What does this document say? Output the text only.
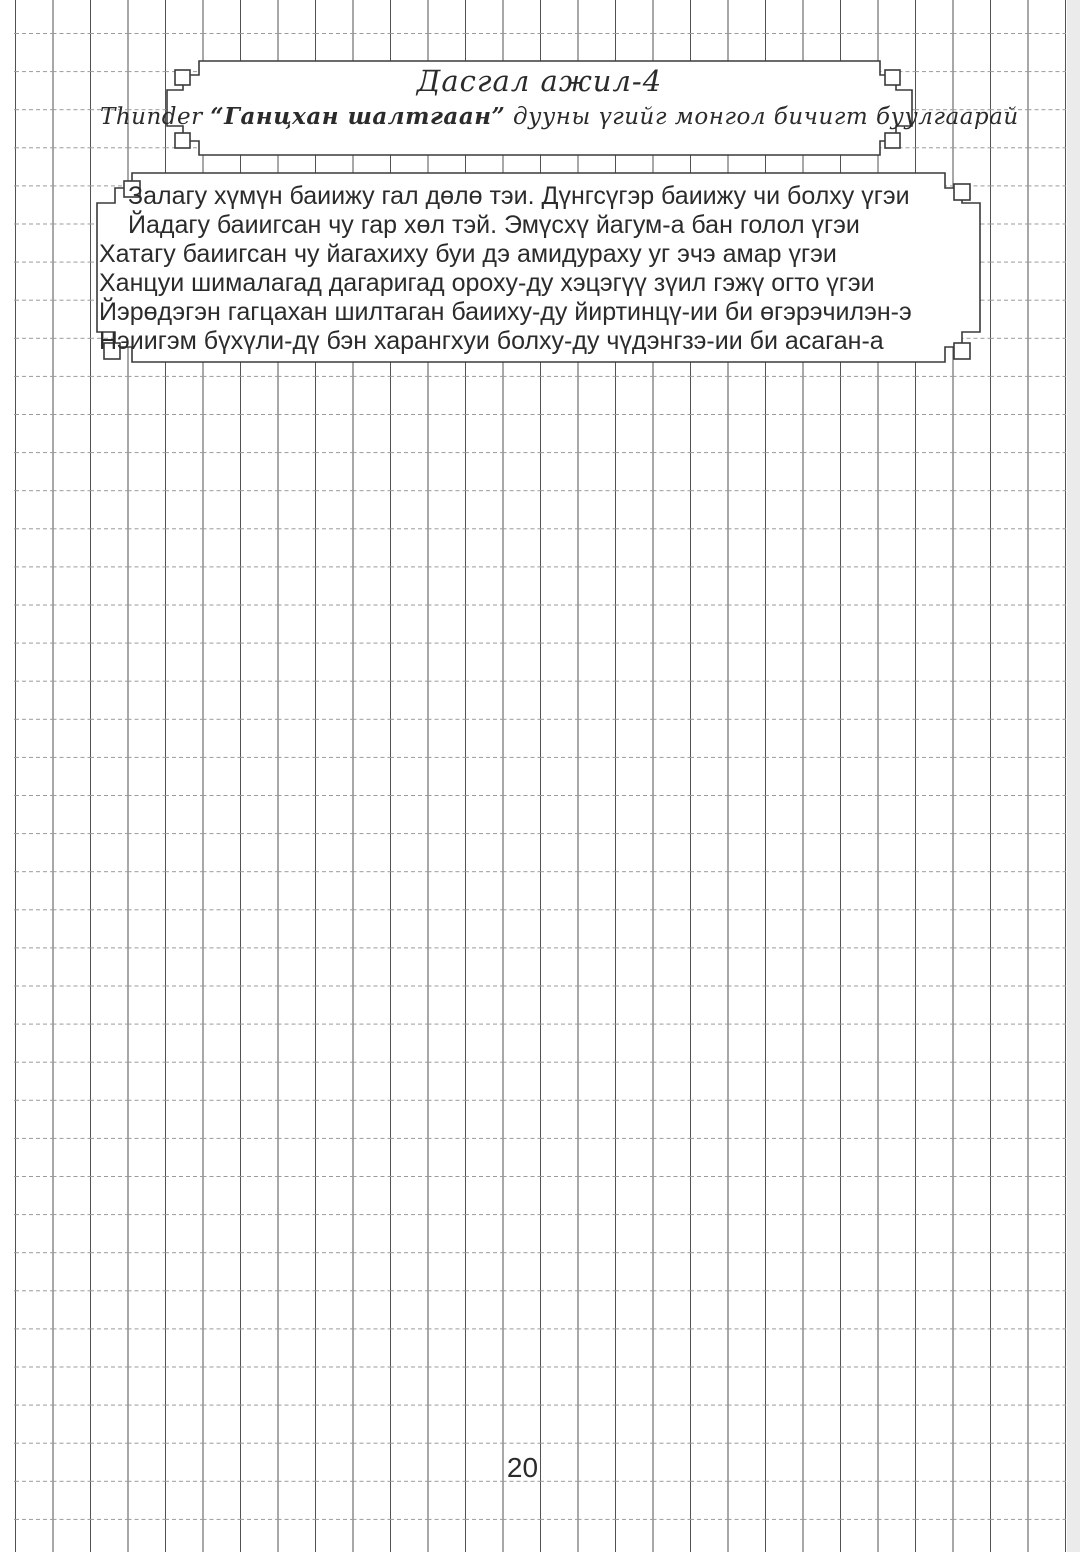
Дасгал ажил-4
Thunder “Ганцхан шалтгаан” дууны үгийг монгол бичигт буулгаарай
Залагу хүмүн баиижу гал дөлө тэи. Дүнгсүгэр баиижу чи болху үгэи
Йадагу баиигсан чу гар хөл тэй. Эмүсхү йагум-а бан голол үгэи
Хатагу баиигсан чу йагахиху буи дэ амидураху уг эчэ амар үгэи
Ханцуи шималагад дагаригад ороху-ду хэцэгүү зүил гэжү огто үгэи
Йэрөдэгэн гагцахан шилтаган баииху-ду йиртинцү-ии би өгэрэчилэн-э
Нэиигэм бүхүли-дү бэн харангхуи болху-ду чүдэнгзэ-ии би асаган-а
20
